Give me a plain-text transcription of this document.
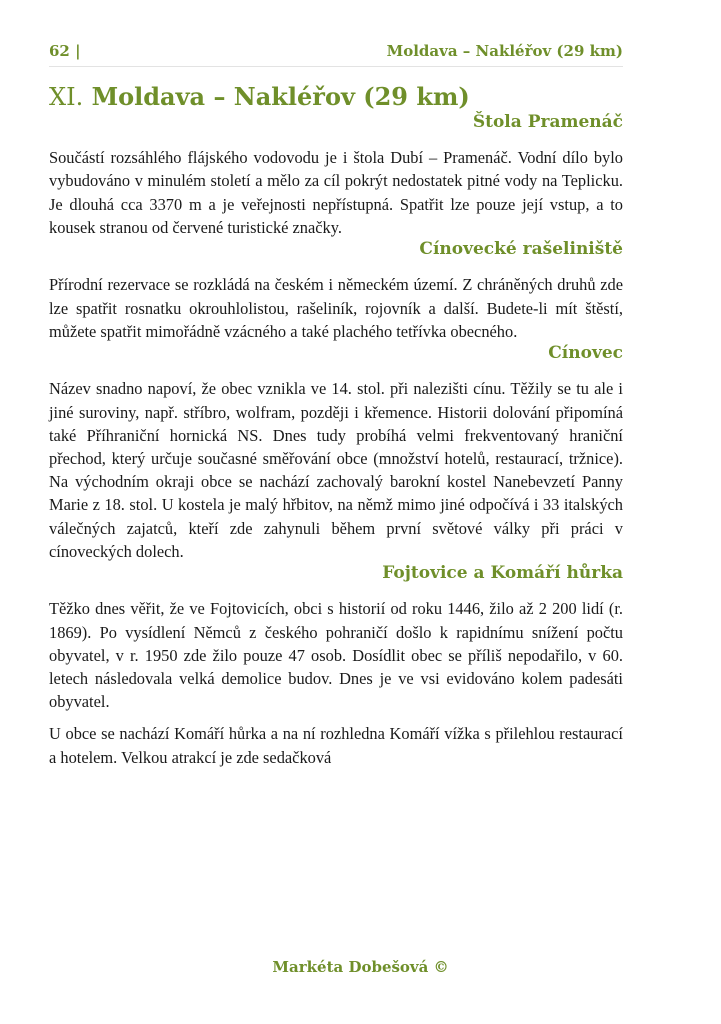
62 |	Moldava – Nakléřov (29 km)
XI. Moldava – Nakléřov (29 km)
Štola Pramenáč

Součástí rozsáhlého flájského vodovodu je i štola Dubí – Pramenáč. Vodní dílo bylo vybudováno v minulém století a mělo za cíl pokrýt nedostatek pitné vody na Teplicku. Je dlouhá cca 3370 m a je veřejnosti nepřístupná. Spatřit lze pouze její vstup, a to kousek stranou od červené turistické značky.

Cínovecké rašeliniště

Přírodní rezervace se rozkládá na českém i německém území. Z chráněných druhů zde lze spatřit rosnatku okrouhlolistou, rašeliník, rojovník a další. Budete-li mít štěstí, můžete spatřit mimořádně vzácného a také plachého tetřívka obecného.

Cínovec

Název snadno napoví, že obec vznikla ve 14. stol. při nalezišti cínu. Těžily se tu ale i jiné suroviny, např. stříbro, wolfram, později i křemence. Historii dolování připomíná také Příhraniční hornická NS. Dnes tudy probíhá velmi frekventovaný hraniční přechod, který určuje současné směřování obce (množství hotelů, restaurací, tržnice). Na východním okraji obce se nachází zachovalý barokní kostel Nanebevzetí Panny Marie z 18. stol. U kostela je malý hřbitov, na němž mimo jiné odpočívá i 33 italských válečných zajatců, kteří zde zahynuli během první světové války při práci v cínoveckých dolech.

Fojtovice a Komáří hůrka

Těžko dnes věřit, že ve Fojtovicích, obci s historií od roku 1446, žilo až 2 200 lidí (r. 1869). Po vysídlení Němců z českého pohraničí došlo k rapidnímu snížení počtu obyvatel, v r. 1950 zde žilo pouze 47 osob. Dosídlit obec se příliš nepodařilo, v 60. letech následovala velká demolice budov. Dnes je ve vsi evidováno kolem padesáti obyvatel.

U obce se nachází Komáří hůrka a na ní rozhledna Komáří vížka s přilehlou restaurací a hotelem. Velkou atrakcí je zde sedačková

Markéta Dobešová ©
